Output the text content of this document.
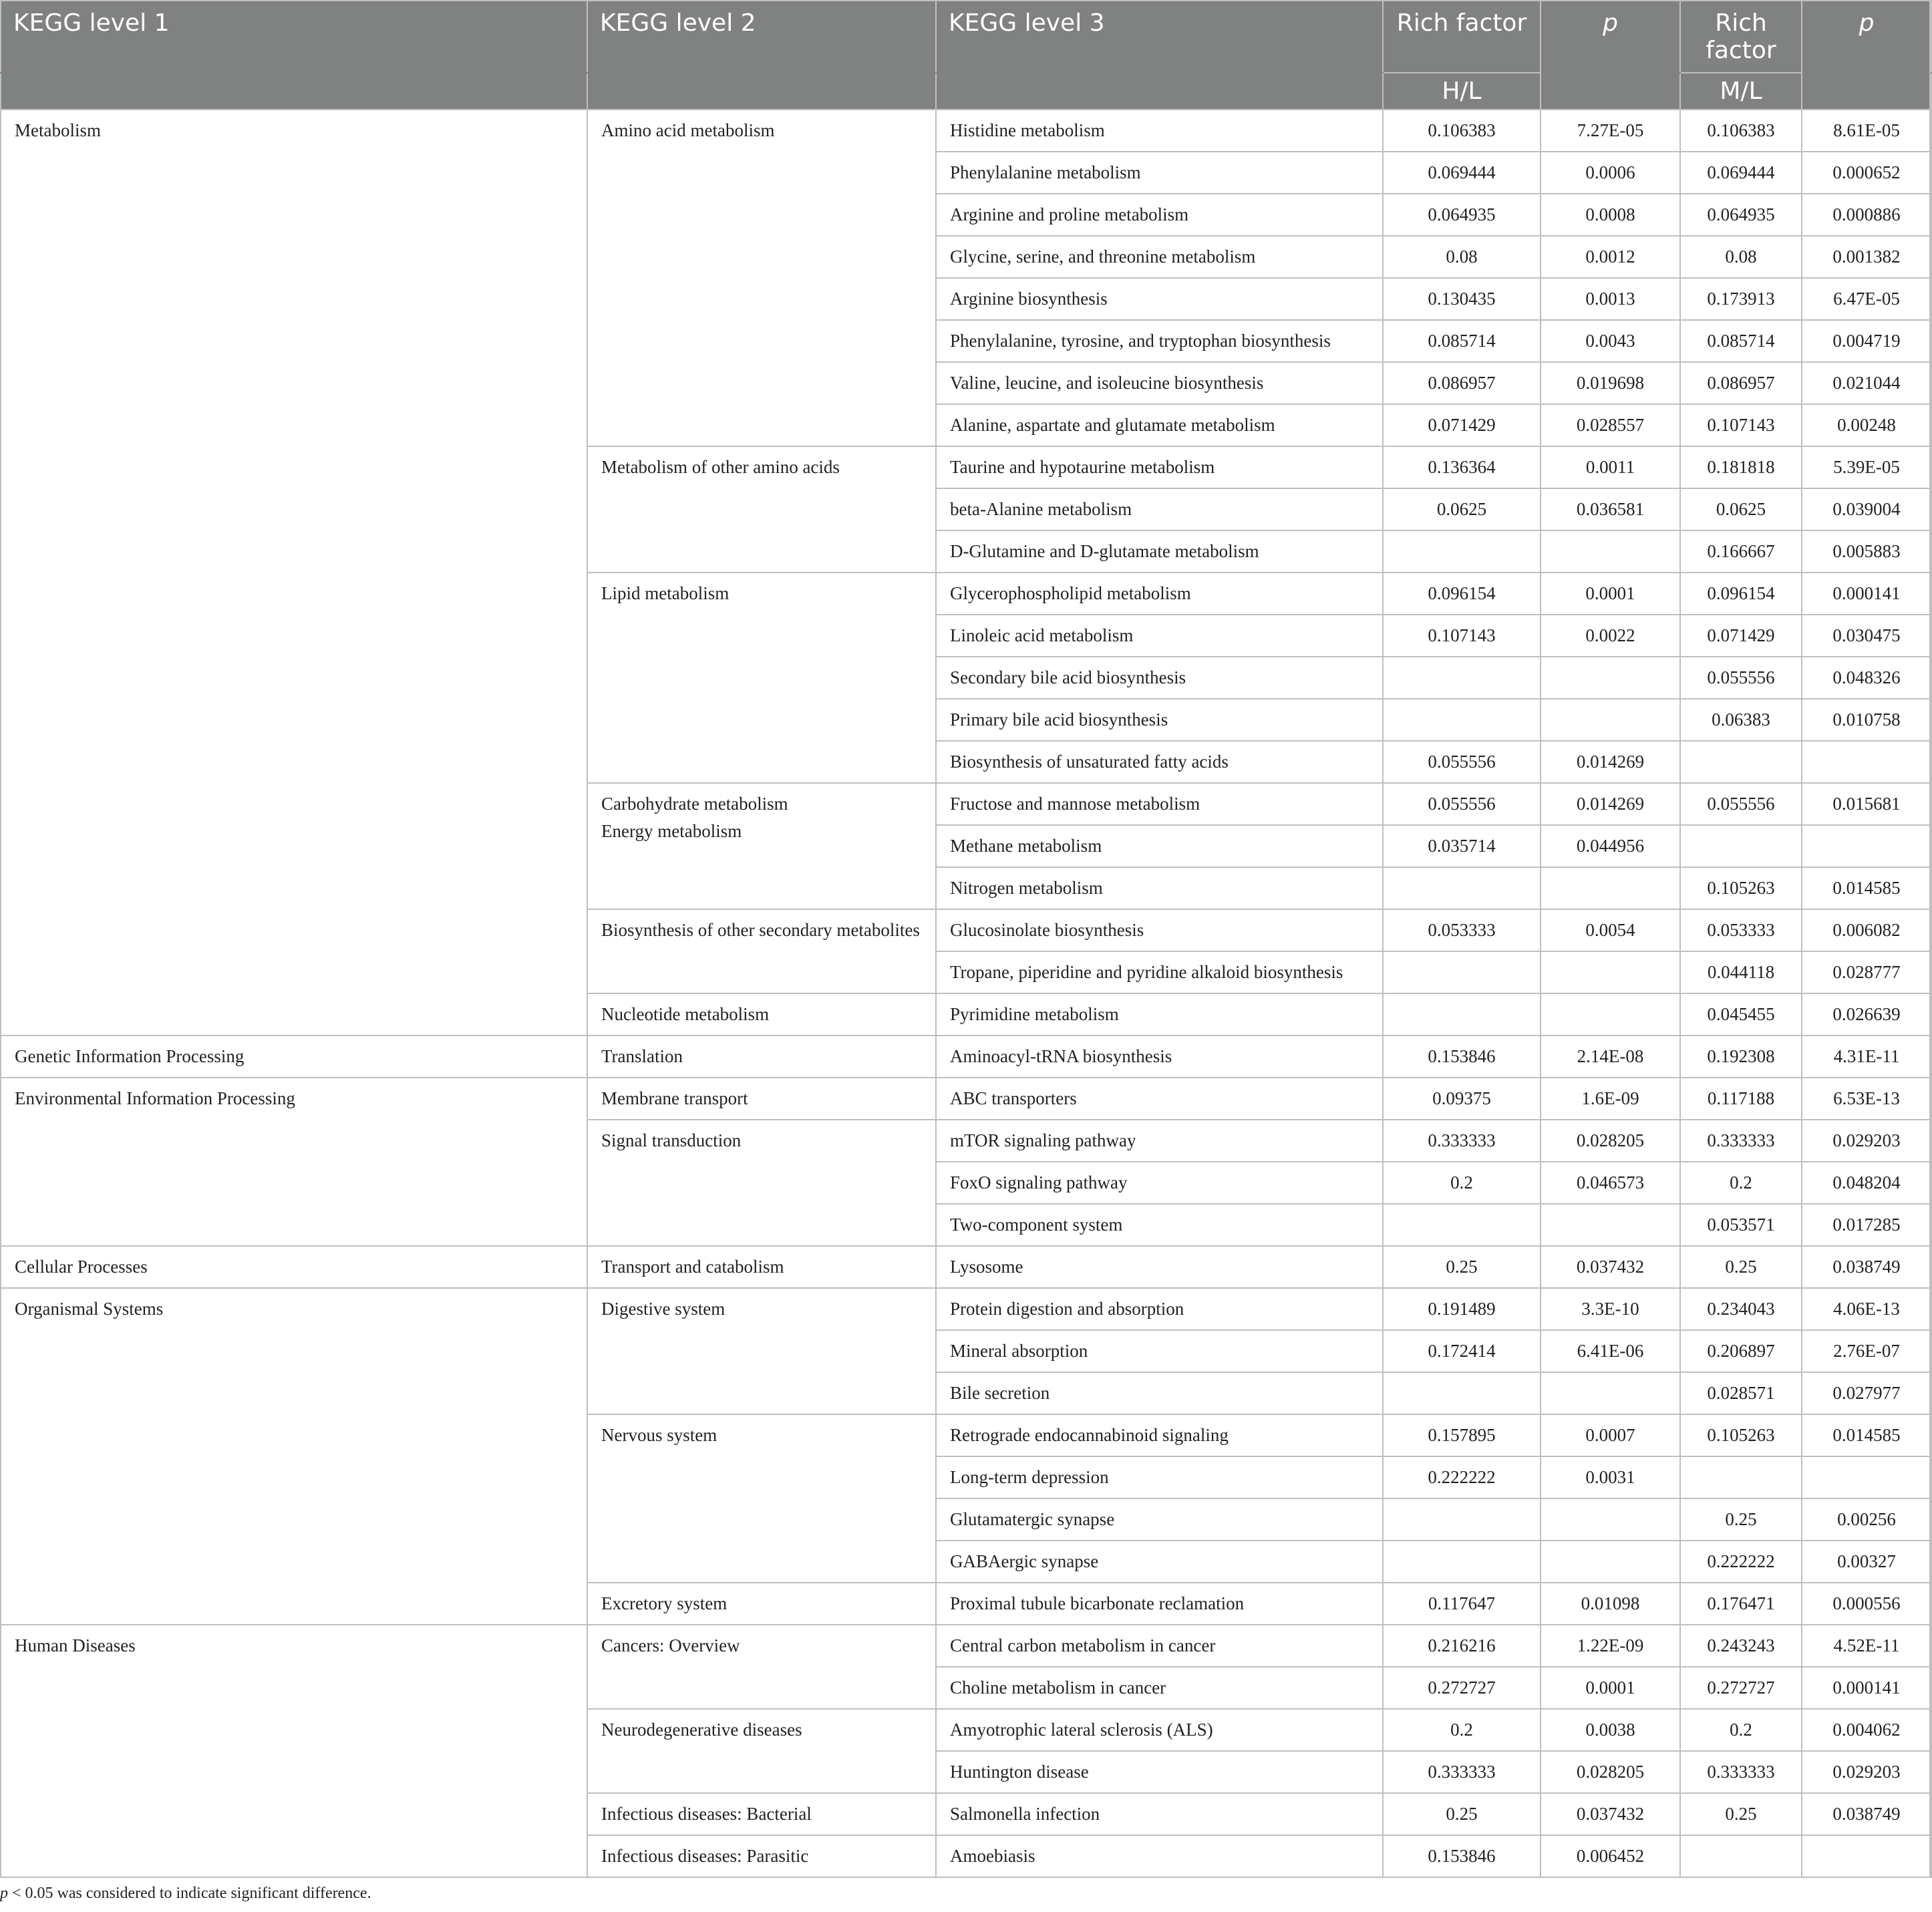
KEGG level 1	KEGG level 2	KEGG level 3	Rich factor	p	Rich factor	p
			H/L		M/L	
Metabolism	Amino acid metabolism	Histidine metabolism	0.106383	7.27E-05	0.106383	8.61E-05
		Phenylalanine metabolism	0.069444	0.0006	0.069444	0.000652
		Arginine and proline metabolism	0.064935	0.0008	0.064935	0.000886
		Glycine, serine, and threonine metabolism	0.08	0.0012	0.08	0.001382
		Arginine biosynthesis	0.130435	0.0013	0.173913	6.47E-05
		Phenylalanine, tyrosine, and tryptophan biosynthesis	0.085714	0.0043	0.085714	0.004719
		Valine, leucine, and isoleucine biosynthesis	0.086957	0.019698	0.086957	0.021044
		Alanine, aspartate and glutamate metabolism	0.071429	0.028557	0.107143	0.00248

	Metabolism of other amino acids	Taurine and hypotaurine metabolism	0.136364	0.0011	0.181818	5.39E-05
		beta-Alanine metabolism	0.0625	0.036581	0.0625	0.039004
		D-Glutamine and D-glutamate metabolism			0.166667	0.005883

	Lipid metabolism	Glycerophospholipid metabolism	0.096154	0.0001	0.096154	0.000141
		Linoleic acid metabolism	0.107143	0.0022	0.071429	0.030475
		Secondary bile acid biosynthesis			0.055556	0.048326
		Primary bile acid biosynthesis			0.06383	0.010758
		Biosynthesis of unsaturated fatty acids	0.055556	0.014269		

	Carbohydrate metabolism
Energy metabolism	Fructose and mannose metabolism	0.055556	0.014269	0.055556	0.015681
		Methane metabolism	0.035714	0.044956		
		Nitrogen metabolism			0.105263	0.014585

	Biosynthesis of other secondary metabolites	Glucosinolate biosynthesis	0.053333	0.0054	0.053333	0.006082
		Tropane, piperidine and pyridine alkaloid biosynthesis			0.044118	0.028777

	Nucleotide metabolism	Pyrimidine metabolism			0.045455	0.026639
Genetic Information Processing	Translation	Aminoacyl-tRNA biosynthesis	0.153846	2.14E-08	0.192308	4.31E-11
Environmental Information Processing	Membrane transport	ABC transporters	0.09375	1.6E-09	0.117188	6.53E-13

	Signal transduction	mTOR signaling pathway	0.333333	0.028205	0.333333	0.029203
		FoxO signaling pathway	0.2	0.046573	0.2	0.048204
		Two-component system			0.053571	0.017285
Cellular Processes	Transport and catabolism	Lysosome	0.25	0.037432	0.25	0.038749
Organismal Systems	Digestive system	Protein digestion and absorption	0.191489	3.3E-10	0.234043	4.06E-13
		Mineral absorption	0.172414	6.41E-06	0.206897	2.76E-07
		Bile secretion			0.028571	0.027977

	Nervous system	Retrograde endocannabinoid signaling	0.157895	0.0007	0.105263	0.014585
		Long-term depression	0.222222	0.0031		
		Glutamatergic synapse			0.25	0.00256
		GABAergic synapse			0.222222	0.00327

	Excretory system	Proximal tubule bicarbonate reclamation	0.117647	0.01098	0.176471	0.000556
Human Diseases	Cancers: Overview	Central carbon metabolism in cancer	0.216216	1.22E-09	0.243243	4.52E-11
		Choline metabolism in cancer	0.272727	0.0001	0.272727	0.000141

	Neurodegenerative diseases	Amyotrophic lateral sclerosis (ALS)	0.2	0.0038	0.2	0.004062
		Huntington disease	0.333333	0.028205	0.333333	0.029203

	Infectious diseases: Bacterial	Salmonella infection	0.25	0.037432	0.25	0.038749

	Infectious diseases: Parasitic	Amoebiasis	0.153846	0.006452		
p < 0.05 was considered to indicate significant difference.
